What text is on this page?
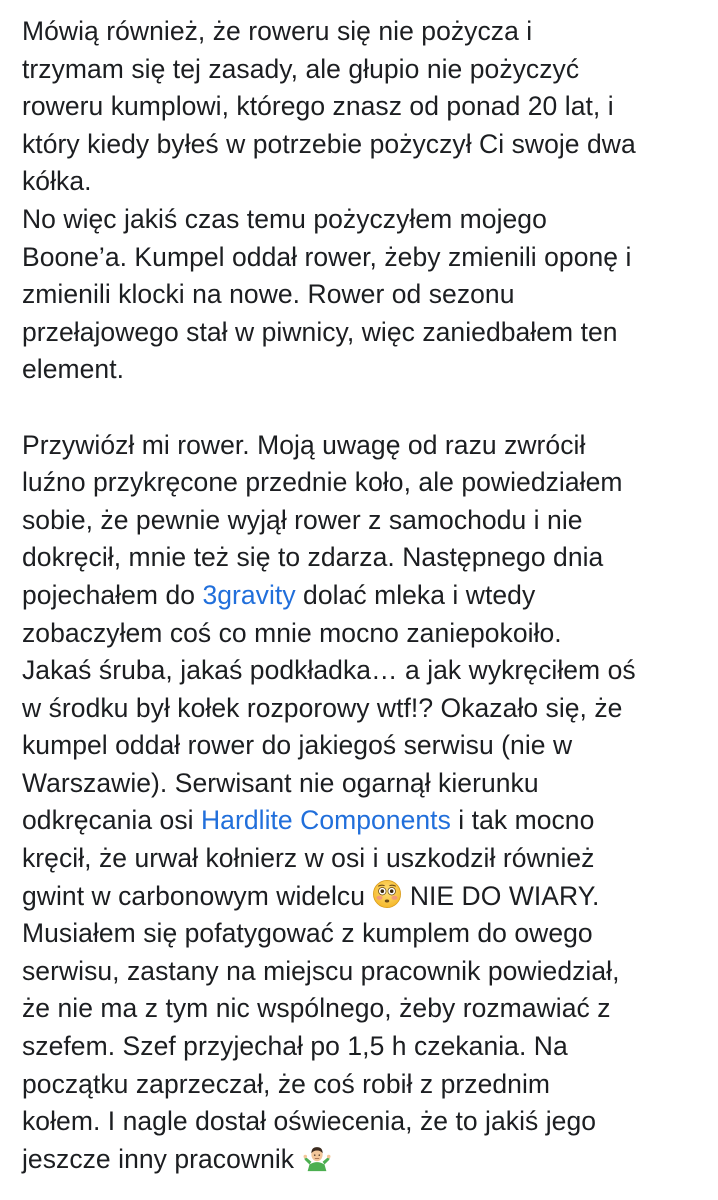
Mówią również, że roweru się nie pożycza i
trzymam się tej zasady, ale głupio nie pożyczyć
roweru kumplowi, którego znasz od ponad 20 lat, i
który kiedy byłeś w potrzebie pożyczył Ci swoje dwa
kółka.
No więc jakiś czas temu pożyczyłem mojego
Boone’a. Kumpel oddał rower, żeby zmienili oponę i
zmienili klocki na nowe. Rower od sezonu
przełajowego stał w piwnicy, więc zaniedbałem ten
element.
Przywiózł mi rower. Moją uwagę od razu zwrócił
luźno przykręcone przednie koło, ale powiedziałem
sobie, że pewnie wyjął rower z samochodu i nie
dokręcił, mnie też się to zdarza. Następnego dnia
pojechałem do 3gravity dolać mleka i wtedy
zobaczyłem coś co mnie mocno zaniepokoiło.
Jakaś śruba, jakaś podkładka… a jak wykręciłem oś
w środku był kołek rozporowy wtf!? Okazało się, że
kumpel oddał rower do jakiegoś serwisu (nie w
Warszawie). Serwisant nie ogarnął kierunku
odkręcania osi Hardlite Components i tak mocno
kręcił, że urwał kołnierz w osi i uszkodził również
gwint w carbonowym widelcu
NIE DO WIARY.
Musiałem się pofatygować z kumplem do owego
serwisu, zastany na miejscu pracownik powiedział,
że nie ma z tym nic wspólnego, żeby rozmawiać z
szefem. Szef przyjechał po 1,5 h czekania. Na
początku zaprzeczał, że coś robił z przednim
kołem. I nagle dostał oświecenia, że to jakiś jego
jeszcze inny pracownik
